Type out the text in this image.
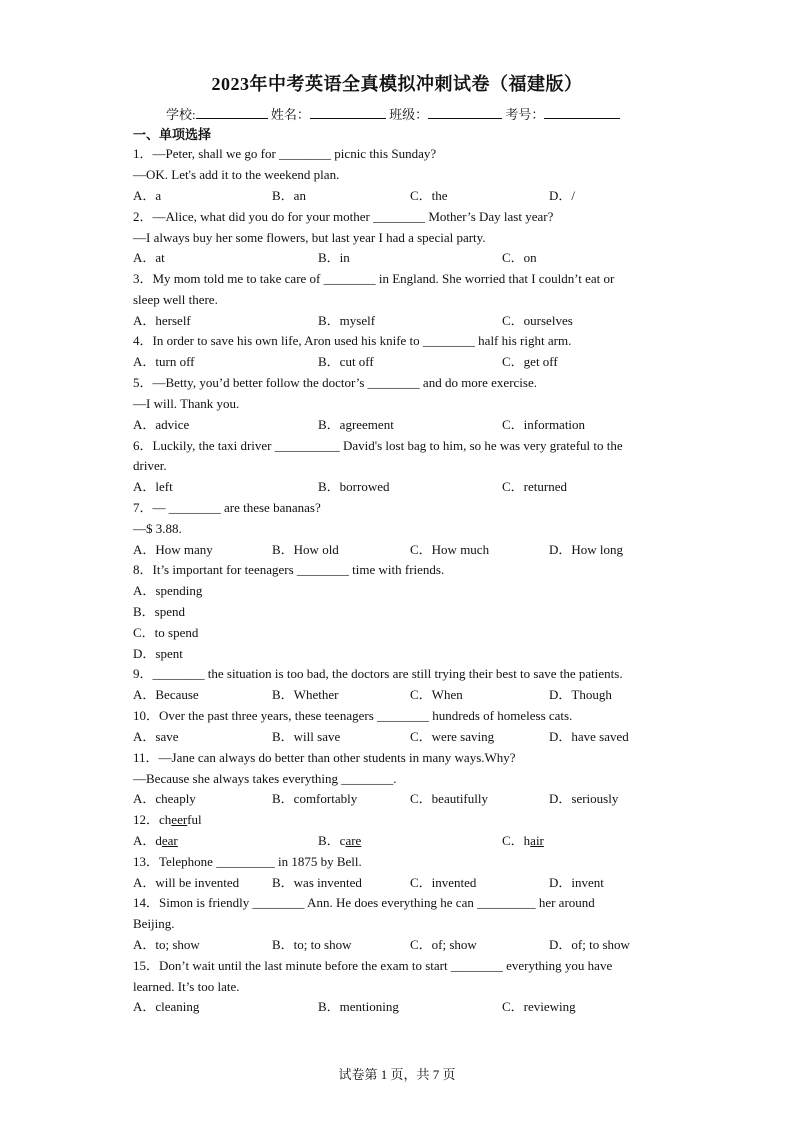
2023年中考英语全真模拟冲刺试卷（福建版）
学校:	姓名：	班级：	考号：
一、单项选择
1．—Peter, shall we go for ________ picnic this Sunday?
—OK. Let's add it to the weekend plan.
A．a	B．an	C．the	D．/
2．—Alice, what did you do for your mother ________ Mother’s Day last year?
—I always buy her some flowers, but last year I had a special party.
A．at	B．in	C．on
3．My mom told me to take care of ________ in England. She worried that I couldn’t eat or
sleep well there.
A．herself	B．myself	C．ourselves
4．In order to save his own life, Aron used his knife to ________ half his right arm.
A．turn off	B．cut off	C．get off
5．—Betty, you’d better follow the doctor’s ________ and do more exercise.
—I will. Thank you.
A．advice	B．agreement	C．information
6．Luckily, the taxi driver __________ David's lost bag to him, so he was very grateful to the
driver.
A．left	B．borrowed	C．returned
7．— ________ are these bananas?
—$ 3.88.
A．How many	B．How old	C．How much	D．How long
8．It’s important for teenagers ________ time with friends.
A．spending
B．spend
C．to spend
D．spent
9．________ the situation is too bad, the doctors are still trying their best to save the patients.
A．Because	B．Whether	C．When	D．Though
10．Over the past three years, these teenagers ________ hundreds of homeless cats.
A．save	B．will save	C．were saving	D．have saved
11．—Jane can always do better than other students in many ways.Why?
—Because she always takes everything ________.
A．cheaply	B．comfortably	C．beautifully	D．seriously
12．cheerful
A．dear	B．care	C．hair
13．Telephone _________ in 1875 by Bell.
A．will be invented	B．was invented	C．invented	D．invent
14．Simon is friendly ________ Ann. He does everything he can _________ her around
Beijing.
A．to; show	B．to; to show	C．of; show	D．of; to show
15．Don’t wait until the last minute before the exam to start ________ everything you have
learned. It’s too late.
A．cleaning	B．mentioning	C．reviewing
试卷第 1 页，共 7 页
